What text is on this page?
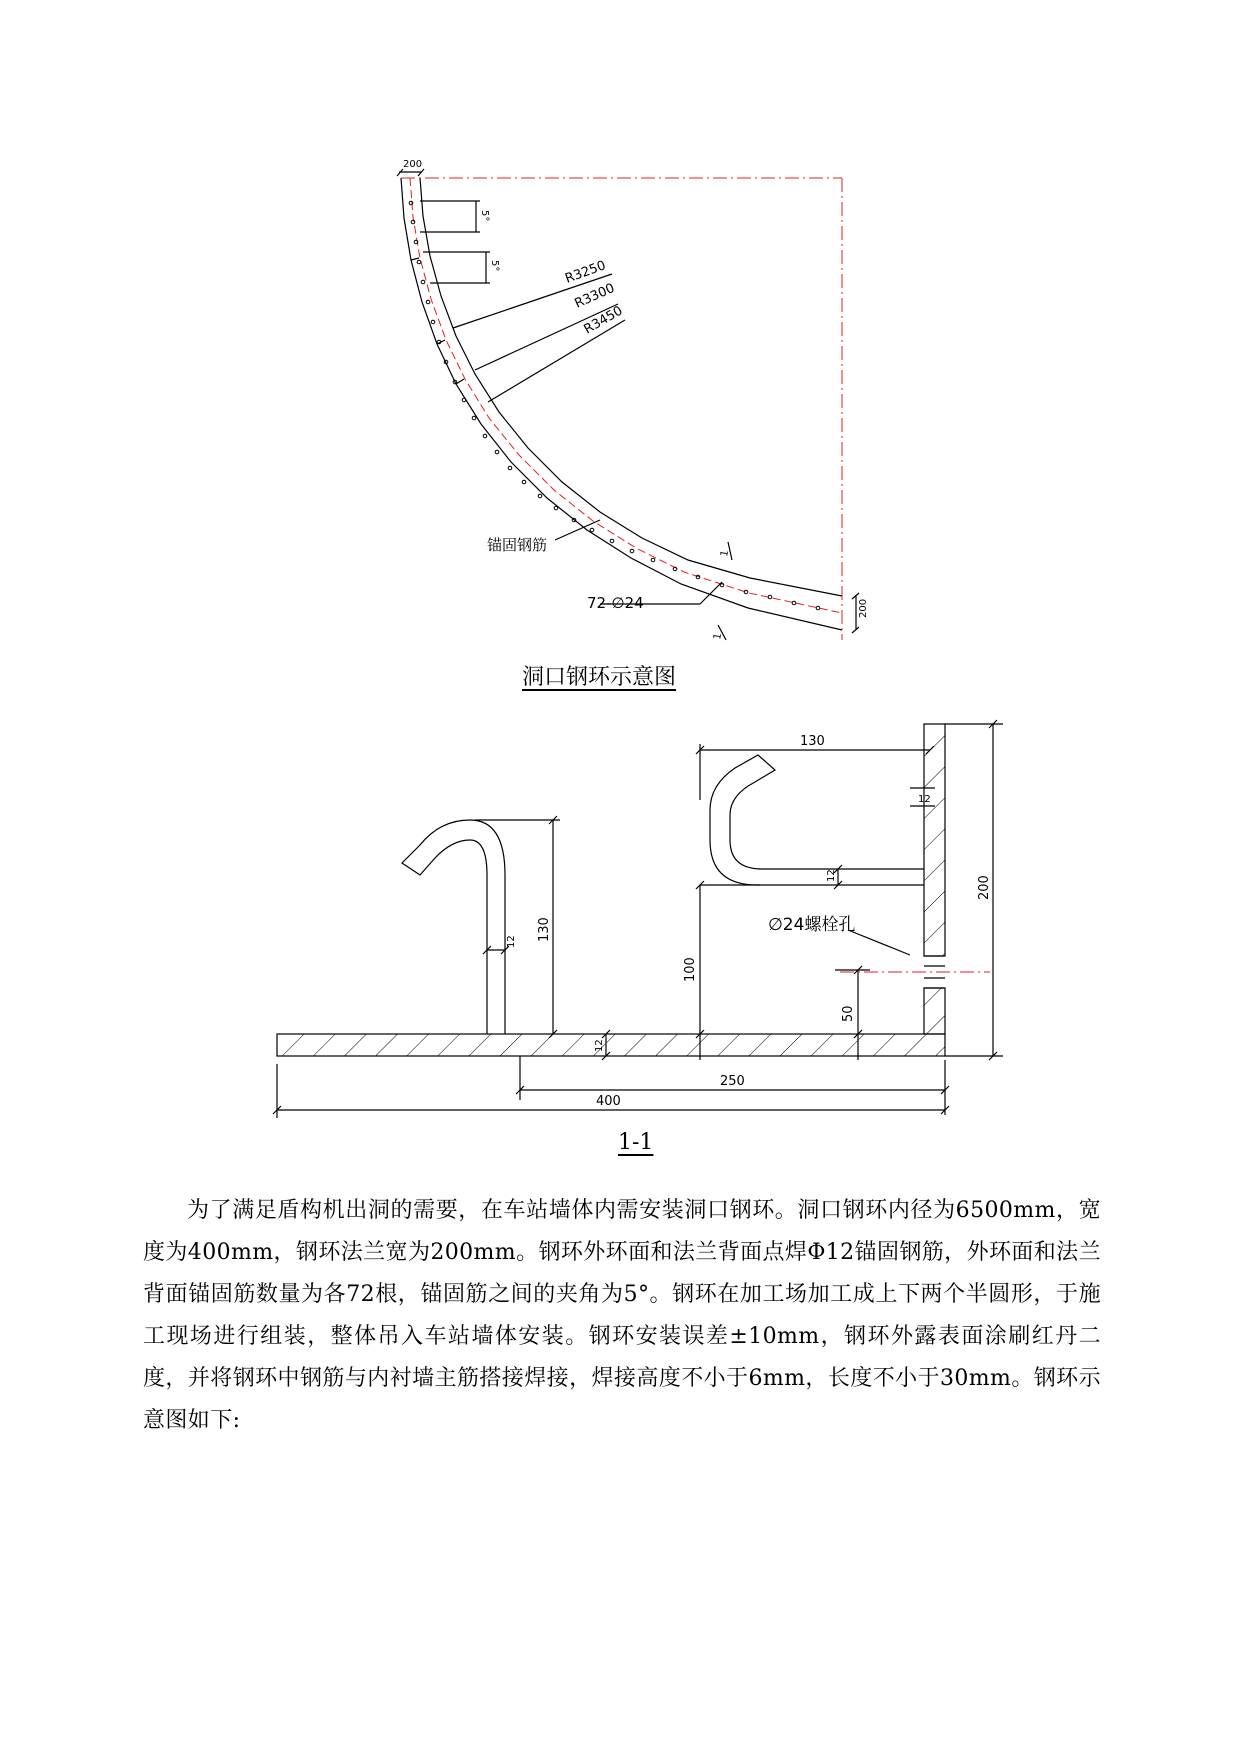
200
200
5°
5°	R3250
R3300
R3450
锚固钢筋
72-∅24
1
1
130
12
12	200
∅24螺栓孔
130
12
100
50
12
250
400
洞口钢环示意图
1-1
为了满足盾构机出洞的需要，在车站墙体内需安装洞口钢环。洞口钢环内径为6500mm，宽度为400mm，钢环法兰宽为200mm。钢环外环面和法兰背面点焊Φ12锚固钢筋，外环面和法兰背面锚固筋数量为各72根，锚固筋之间的夹角为5°。钢环在加工场加工成上下两个半圆形，于施工现场进行组装，整体吊入车站墙体安装。钢环安装误差±10mm，钢环外露表面涂刷红丹二度，并将钢环中钢筋与内衬墙主筋搭接焊接，焊接高度不小于6mm，长度不小于30mm。钢环示意图如下:
